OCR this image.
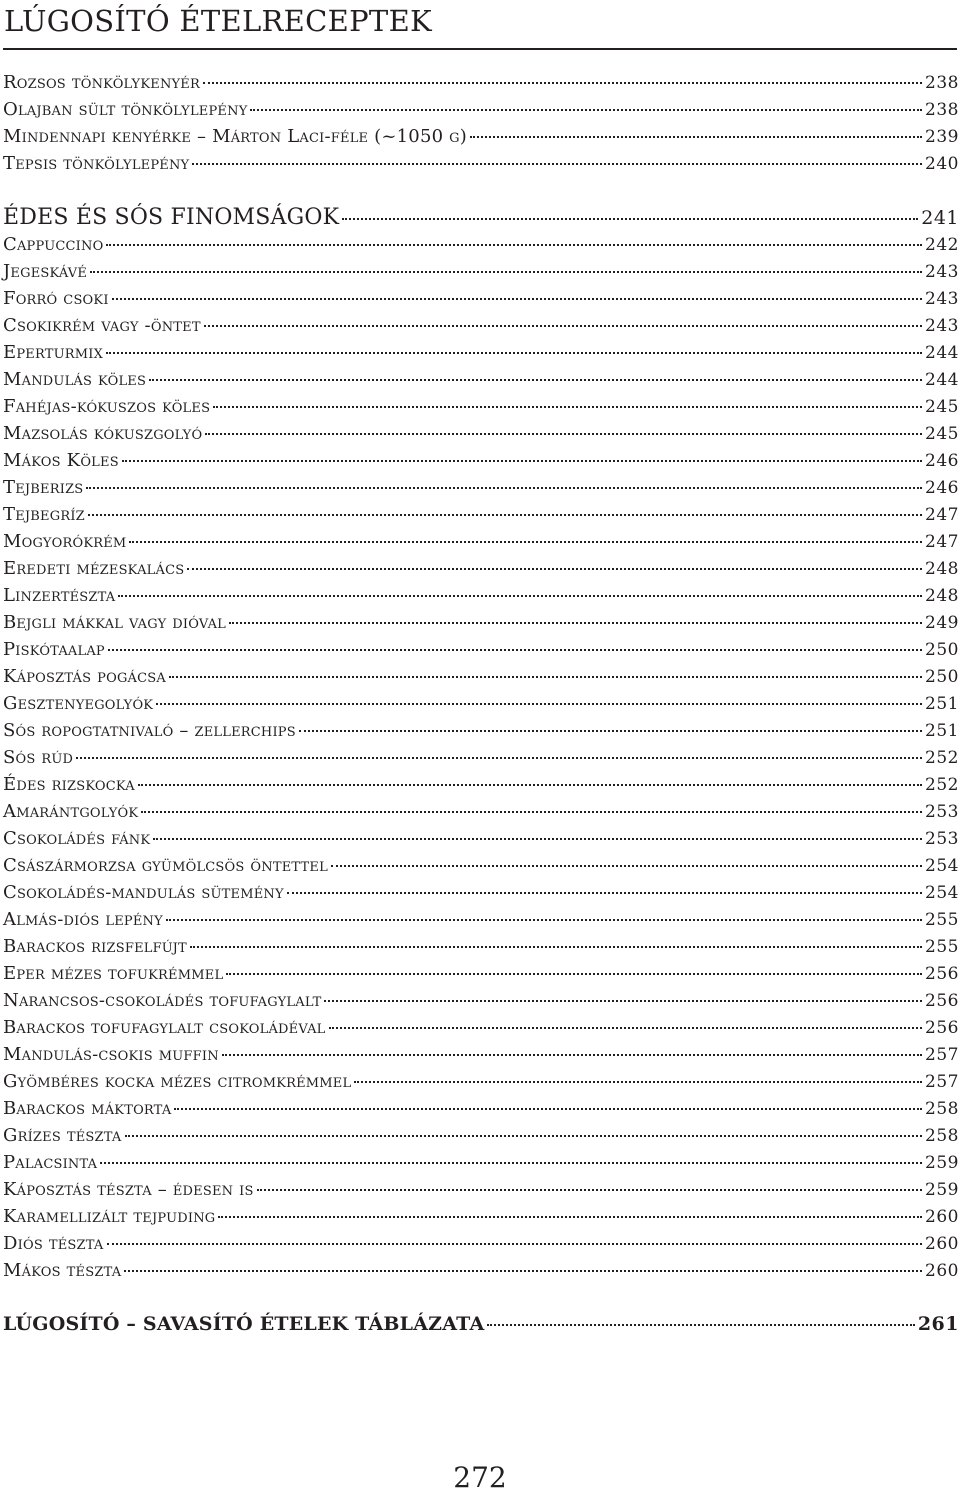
LÚGOSÍTÓ ÉTELRECEPTEK
Rozsos tönkölykenyér	238
Olajban sült tönkölylepény	238
Mindennapi kenyérke – Márton Laci-féle (~1050 g)	239
Tepsis tönkölylepény	240
ÉDES ÉS SÓS FINOMSÁGOK	241
Cappuccino	242
Jegeskávé	243
Forró csoki	243
Csokikrém vagy -öntet	243
Eperturmix	244
Mandulás köles	244
Fahéjas-kókuszos köles	245
Mazsolás kókuszgolyó	245
Mákos Köles	246
Tejberizs	246
Tejbegríz	247
Mogyorókrém	247
Eredeti mézeskalács	248
Linzertészta	248
Bejgli mákkal vagy dióval	249
Piskótaalap	250
Káposztás pogácsa	250
Gesztenyegolyók	251
Sós ropogtatnivaló – zellerchips	251
Sós rúd	252
Édes rizskocka	252
Amarántgolyók	253
Csokoládés fánk	253
Császármorzsa gyümölcsös öntettel	254
Csokoládés-mandulás sütemény	254
Almás-diós lepény	255
Barackos rizsfelfújt	255
Eper mézes tofukrémmel	256
Narancsos-csokoládés tofufagylalt	256
Barackos tofufagylalt csokoládéval	256
Mandulás-csokis muffin	257
Gyömbéres kocka mézes citromkrémmel	257
Barackos máktorta	258
Grízes tészta	258
Palacsinta	259
Káposztás tészta – édesen is	259
Karamellizált tejpuding	260
Diós tészta	260
Mákos tészta	260
LÚGOSÍTÓ – SAVASÍTÓ ÉTELEK TÁBLÁZATA	261
272
